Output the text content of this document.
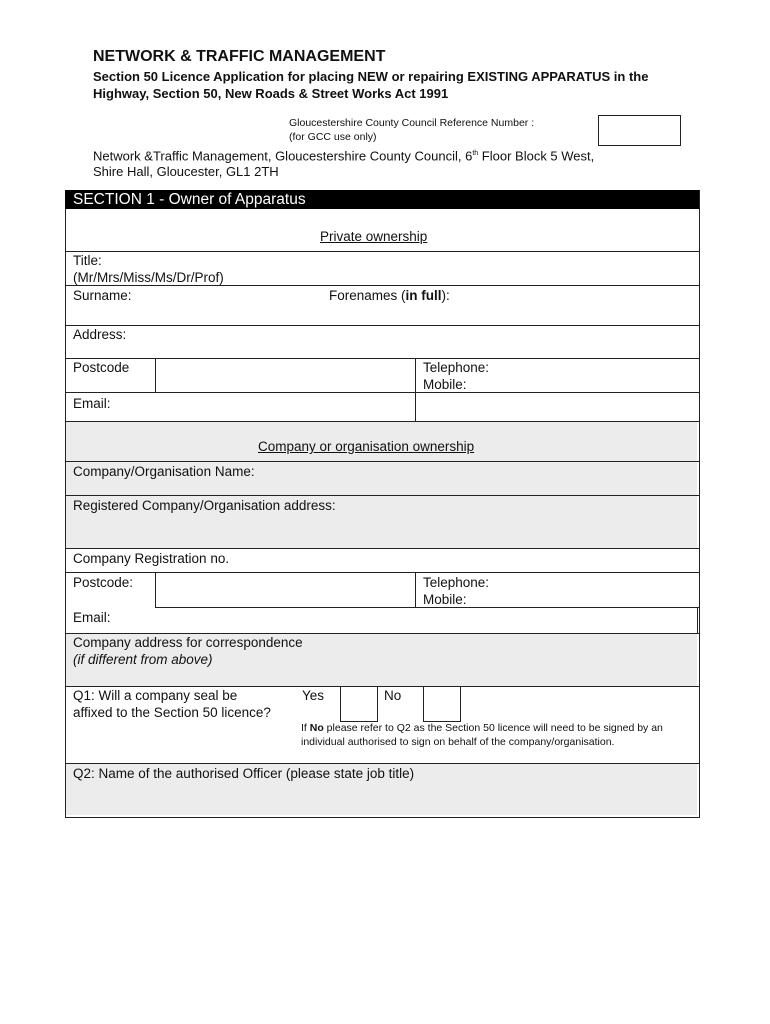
NETWORK & TRAFFIC MANAGEMENT
Section 50 Licence Application for placing NEW or repairing EXISTING APPARATUS in the Highway, Section 50, New Roads & Street Works Act 1991
Gloucestershire County Council Reference Number :
(for GCC use only)
Network &Traffic Management, Gloucestershire County Council, 6th Floor Block 5 West,
Shire Hall, Gloucester, GL1 2TH
SECTION 1 - Owner of Apparatus
Private ownership
Title:
(Mr/Mrs/Miss/Ms/Dr/Prof)
Surname:	Forenames (in full):
Address:
Postcode	Telephone:
Mobile:
Email:
Company or organisation ownership
Company/Organisation Name:
Registered Company/Organisation address:
Company Registration no.
Postcode:	Telephone:
Mobile:
Email:
Company address for correspondence
(if different from above)
Q1: Will a company seal be affixed to the Section 50 licence?
Yes	No
If No please refer to Q2 as the Section 50 licence will need to be signed by an individual authorised to sign on behalf of the company/organisation.
Q2: Name of the authorised Officer (please state job title)
